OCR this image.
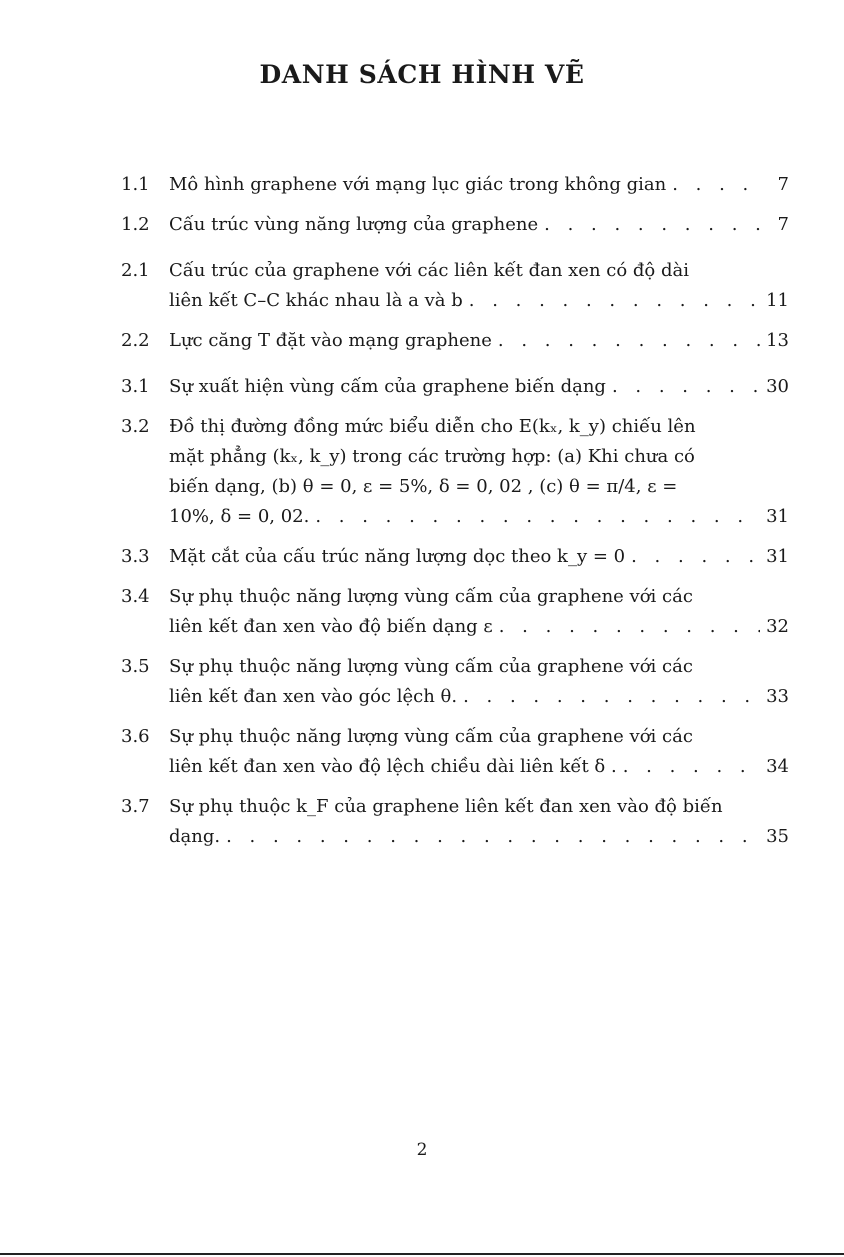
DANH SÁCH HÌNH VẼ
1.1	Mô hình graphene với mạng lục giác trong không gian . . .	7
1.2	Cấu trúc vùng năng lượng của graphene . . .	7
2.1	Cấu trúc của graphene với các liên kết đan xen có độ dài
liên kết C–C khác nhau là a và b . . .	11
2.2	Lực căng T đặt vào mạng graphene . . .	13
3.1	Sự xuất hiện vùng cấm của graphene biến dạng . . .	30
3.2	Đồ thị đường đồng mức biểu diễn cho E(kₓ, k_y) chiếu lên
mặt phẳng (kₓ, k_y) trong các trường hợp: (a) Khi chưa có
biến dạng, (b) θ = 0, ε = 5%, δ = 0, 02 , (c) θ = π/4, ε =
10%, δ = 0, 02. . . .	31
3.3	Mặt cắt của cấu trúc năng lượng dọc theo k_y = 0 . . .	31
3.4	Sự phụ thuộc năng lượng vùng cấm của graphene với các
liên kết đan xen vào độ biến dạng ε . . .	32
3.5	Sự phụ thuộc năng lượng vùng cấm của graphene với các
liên kết đan xen vào góc lệch θ. . . .	33
3.6	Sự phụ thuộc năng lượng vùng cấm của graphene với các
liên kết đan xen vào độ lệch chiều dài liên kết δ . . . .	34
3.7	Sự phụ thuộc k_F của graphene liên kết đan xen vào độ biến
dạng. . . .	35
2
